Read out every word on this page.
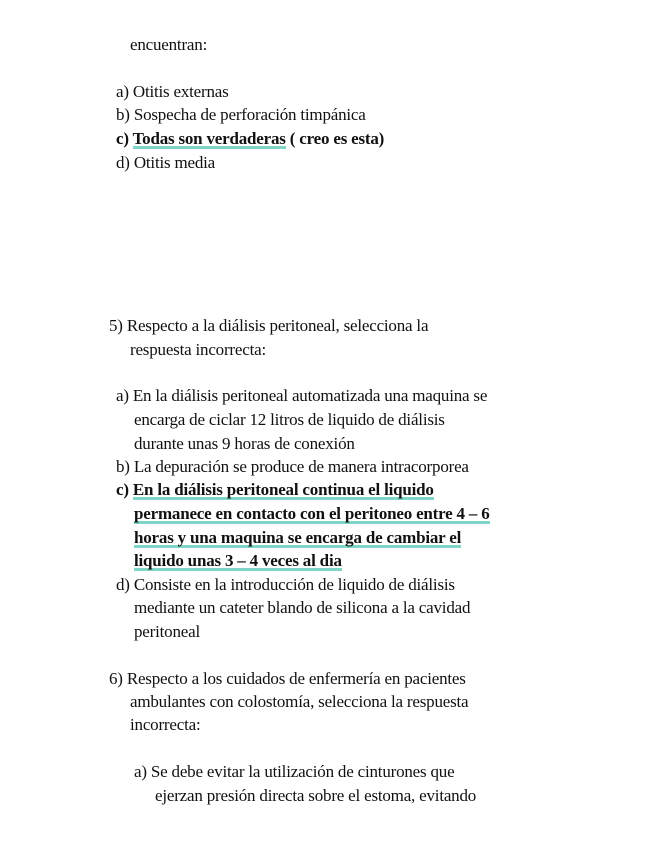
encuentran:
a) Otitis externas
b) Sospecha de perforación timpánica
c) Todas son verdaderas ( creo es esta)
d) Otitis media
5) Respecto a la diálisis peritoneal, selecciona la
respuesta incorrecta:
a) En la diálisis peritoneal automatizada una maquina se
encarga de ciclar 12 litros de liquido de diálisis
durante unas 9 horas de conexión
b) La depuración se produce de manera intracorporea
c) En la diálisis peritoneal continua el liquido
permanece en contacto con el peritoneo entre 4 – 6
horas y una maquina se encarga de cambiar el
liquido unas 3 – 4 veces al dia
d) Consiste en la introducción de liquido de diálisis
mediante un cateter blando de silicona a la cavidad
peritoneal
6) Respecto a los cuidados de enfermería en pacientes
ambulantes con colostomía, selecciona la respuesta
incorrecta:
a) Se debe evitar la utilización de cinturones que
ejerzan presión directa sobre el estoma, evitando
